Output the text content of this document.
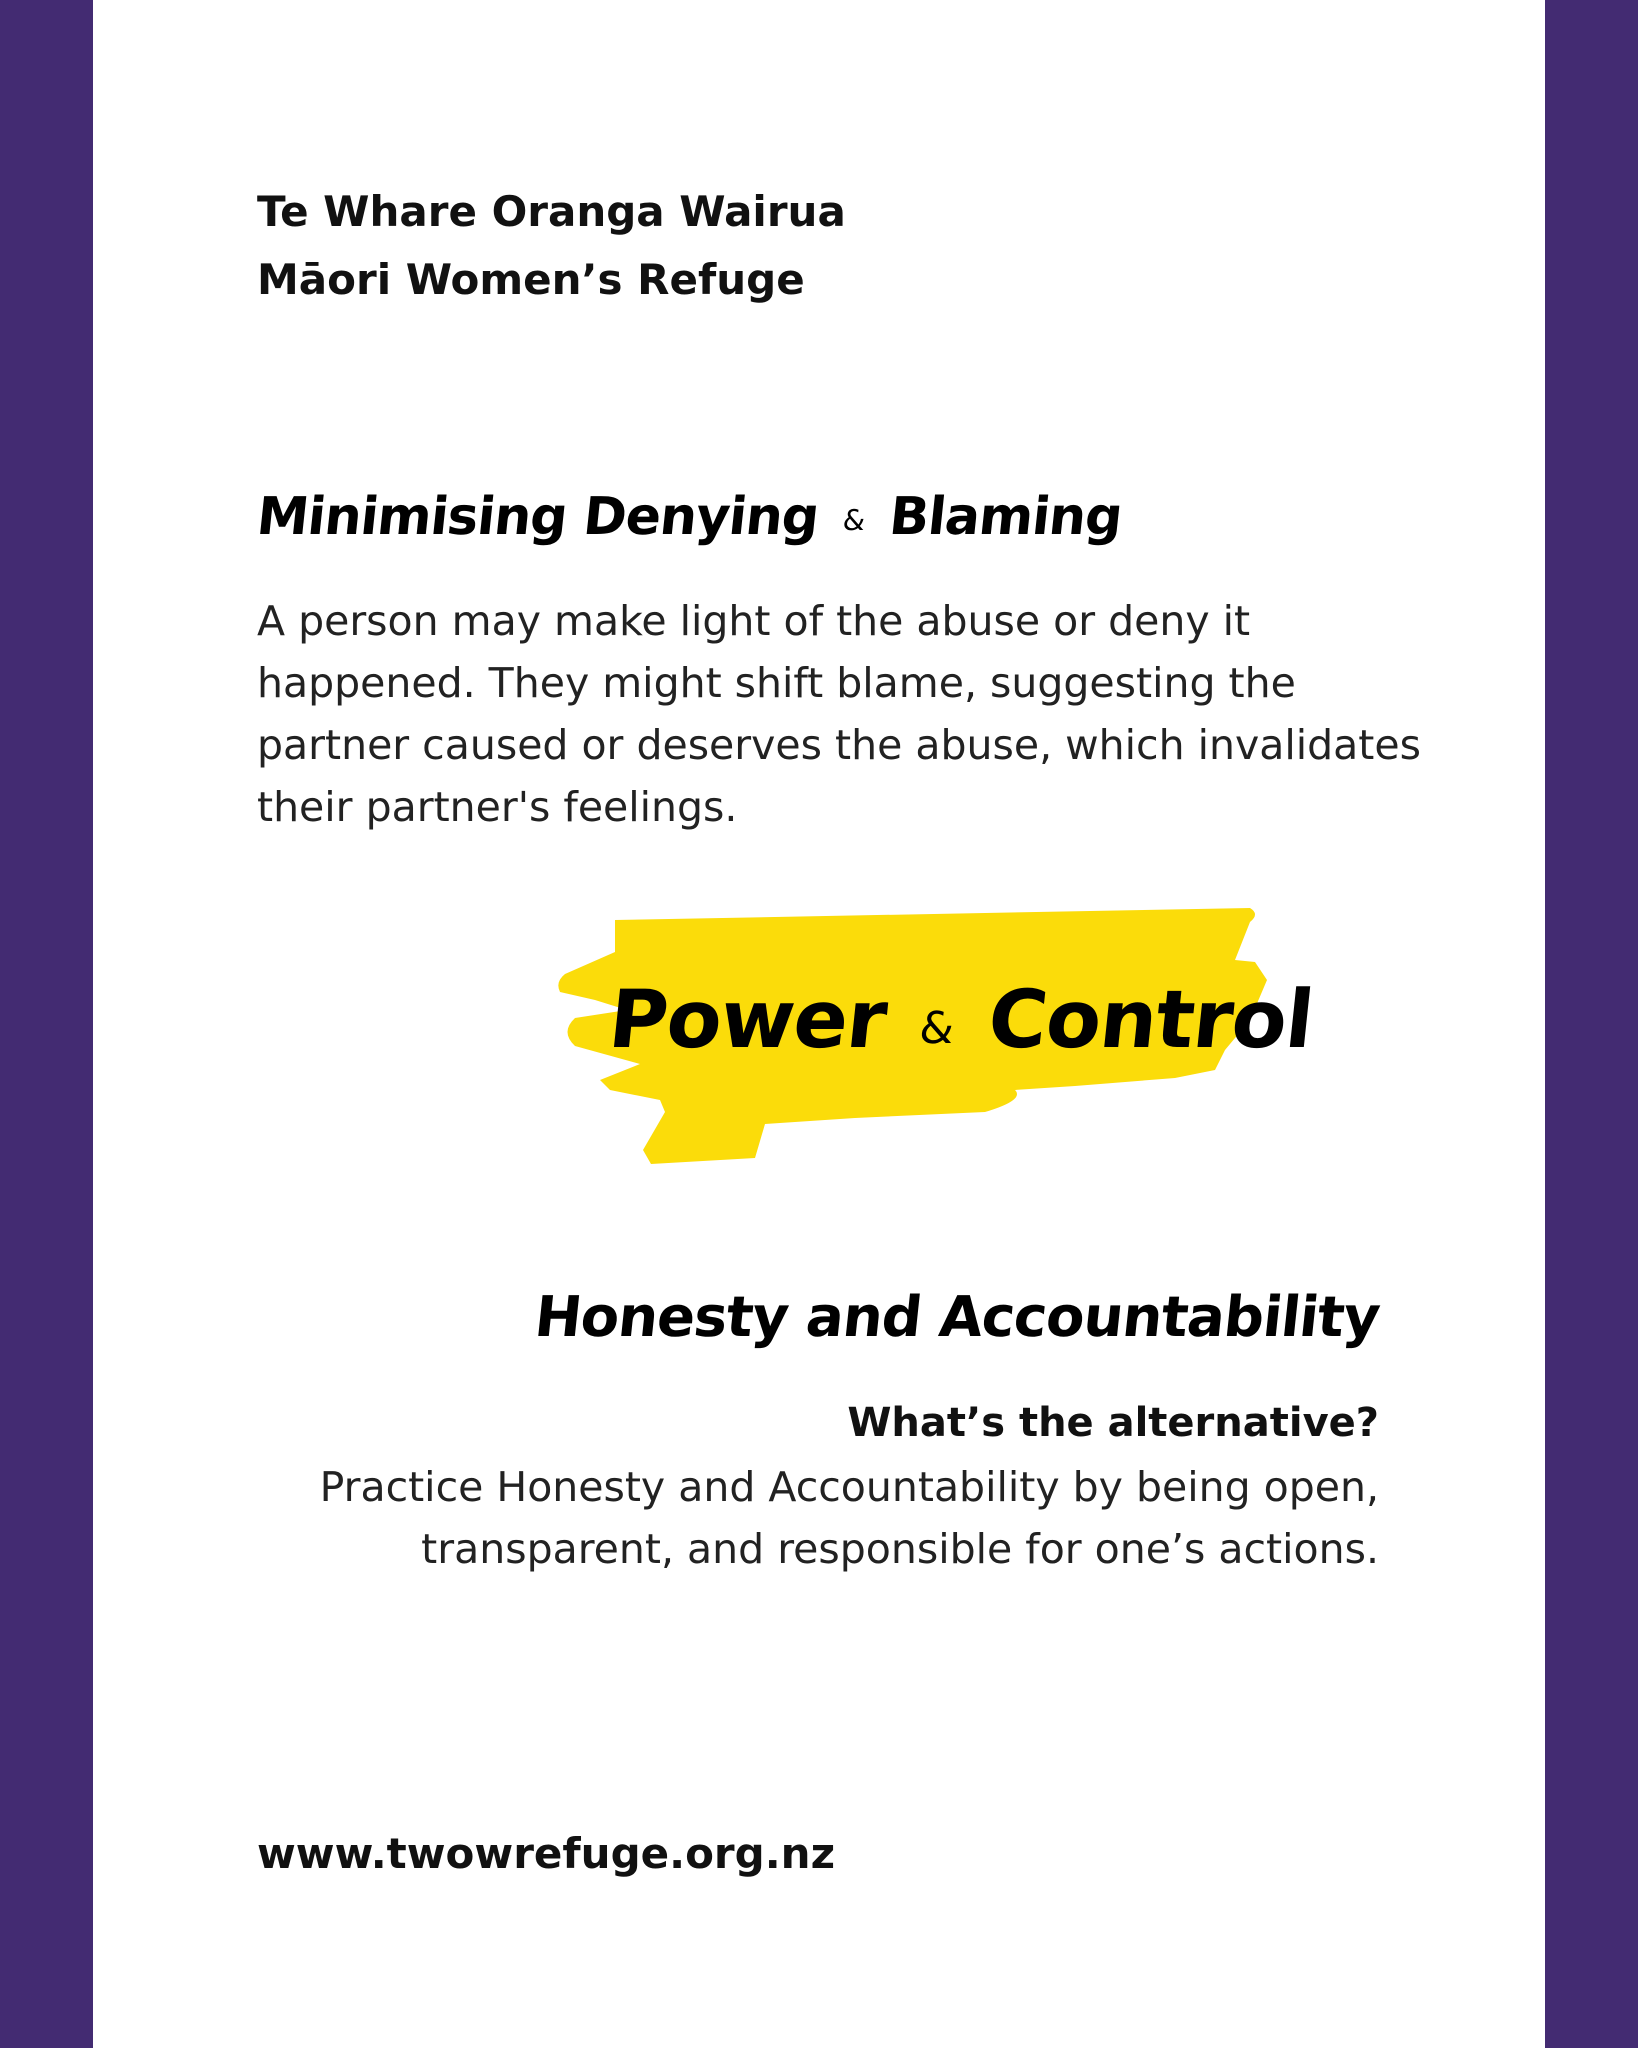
Te Whare Oranga Wairua
Māori Women’s Refuge
Minimising Denying & Blaming

A person may make light of the abuse or deny it happened. They might shift blame, suggesting the partner caused or deserves the abuse, which invalidates their partner's feelings.

Power & Control
Honesty and Accountability
What’s the alternative?

Practice Honesty and Accountability by being open, transparent, and responsible for one’s actions.

www.twowrefuge.org.nz
